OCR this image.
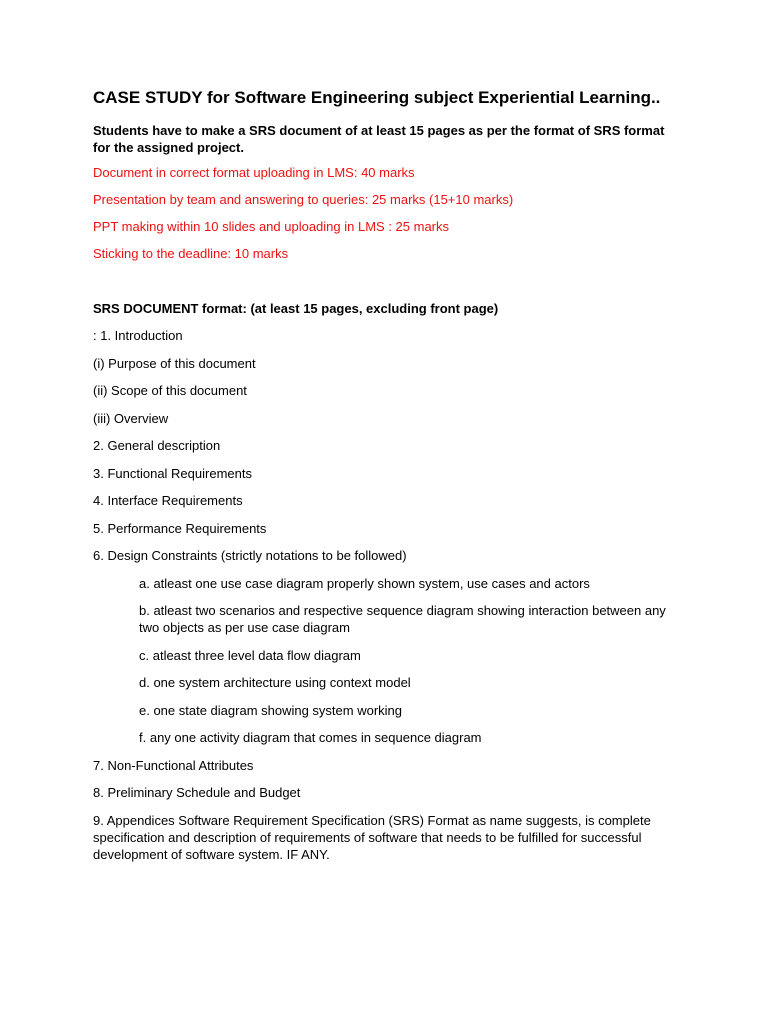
CASE STUDY for Software Engineering subject Experiential Learning..
Students have to make a SRS document of at least 15 pages as per the format of SRS format for the assigned project.
Document in correct format uploading in LMS: 40 marks
Presentation by team and answering to queries: 25 marks (15+10 marks)
PPT making within 10 slides and uploading in LMS : 25 marks
Sticking to the deadline: 10 marks
SRS DOCUMENT format: (at least 15 pages, excluding front page)
: 1. Introduction
(i) Purpose of this document
(ii) Scope of this document
(iii) Overview
2. General description
3. Functional Requirements
4. Interface Requirements
5. Performance Requirements
6. Design Constraints (strictly notations to be followed)
a. atleast one use case diagram properly shown system, use cases and actors
b. atleast two scenarios and respective sequence diagram showing interaction between any two objects as per use case diagram
c. atleast three level data flow diagram
d. one system architecture using context model
e. one state diagram showing system working
f. any one activity diagram that comes in sequence diagram
7. Non-Functional Attributes
8. Preliminary Schedule and Budget
9. Appendices Software Requirement Specification (SRS) Format as name suggests, is complete specification and description of requirements of software that needs to be fulfilled for successful development of software system. IF ANY.
